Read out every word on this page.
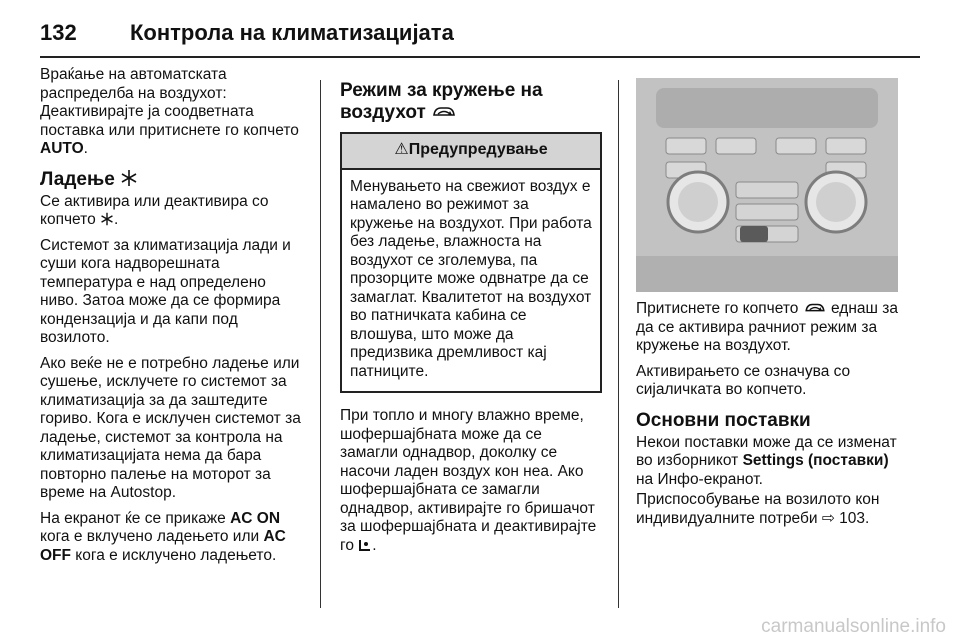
132 Контрола на климатизацијата

Враќање на автоматската распределба на воздухот: Деактивирајте ја соодветната поставка или притиснете го копчето AUTO.

Ладење

Се активира или деактивира со копчето .

Системот за климатизација лади и суши кога надворешната температура е над определено ниво. Затоа може да се формира кондензација и да капи под возилото.

Ако веќе не е потребно ладење или сушење, исклучете го системот за климатизација за да заштедите гориво. Кога е исклучен системот за ладење, системот за контрола на климатизацијата нема да бара повторно палење на моторот за време на Autostop.

На екранот ќе се прикаже AC ON кога е вклучено ладењето или AC OFF кога е исклучено ладењето.

Режим за кружење на воздухот
⚠Предупредување
Менувањето на свежиот воздух е намалено во режимот за кружење на воздухот. При работа без ладење, влажноста на воздухот се зголемува, па прозорците може одвнатре да се замаглат. Квалитетот на воздухот во патничката кабина се влошува, што може да предизвика дремливост кај патниците.

При топло и многу влажно време, шофершајбната може да се замагли однадвор, доколку се насочи ладен воздух кон неа. Ако шофершајбната се замагли однадвор, активирајте го бришачот за шофершајбната и деактивирајте го .

Притиснете го копчето  еднаш за да се активира рачниот режим за кружење на воздухот.

Активирањето се означува со сијаличката во копчето.

Основни поставки

Некои поставки може да се изменат во изборникот Settings (поставки) на Инфо-екранот.

Приспособување на возилото кон индивидуалните потреби ⇨ 103.

carmanualsonline.info
